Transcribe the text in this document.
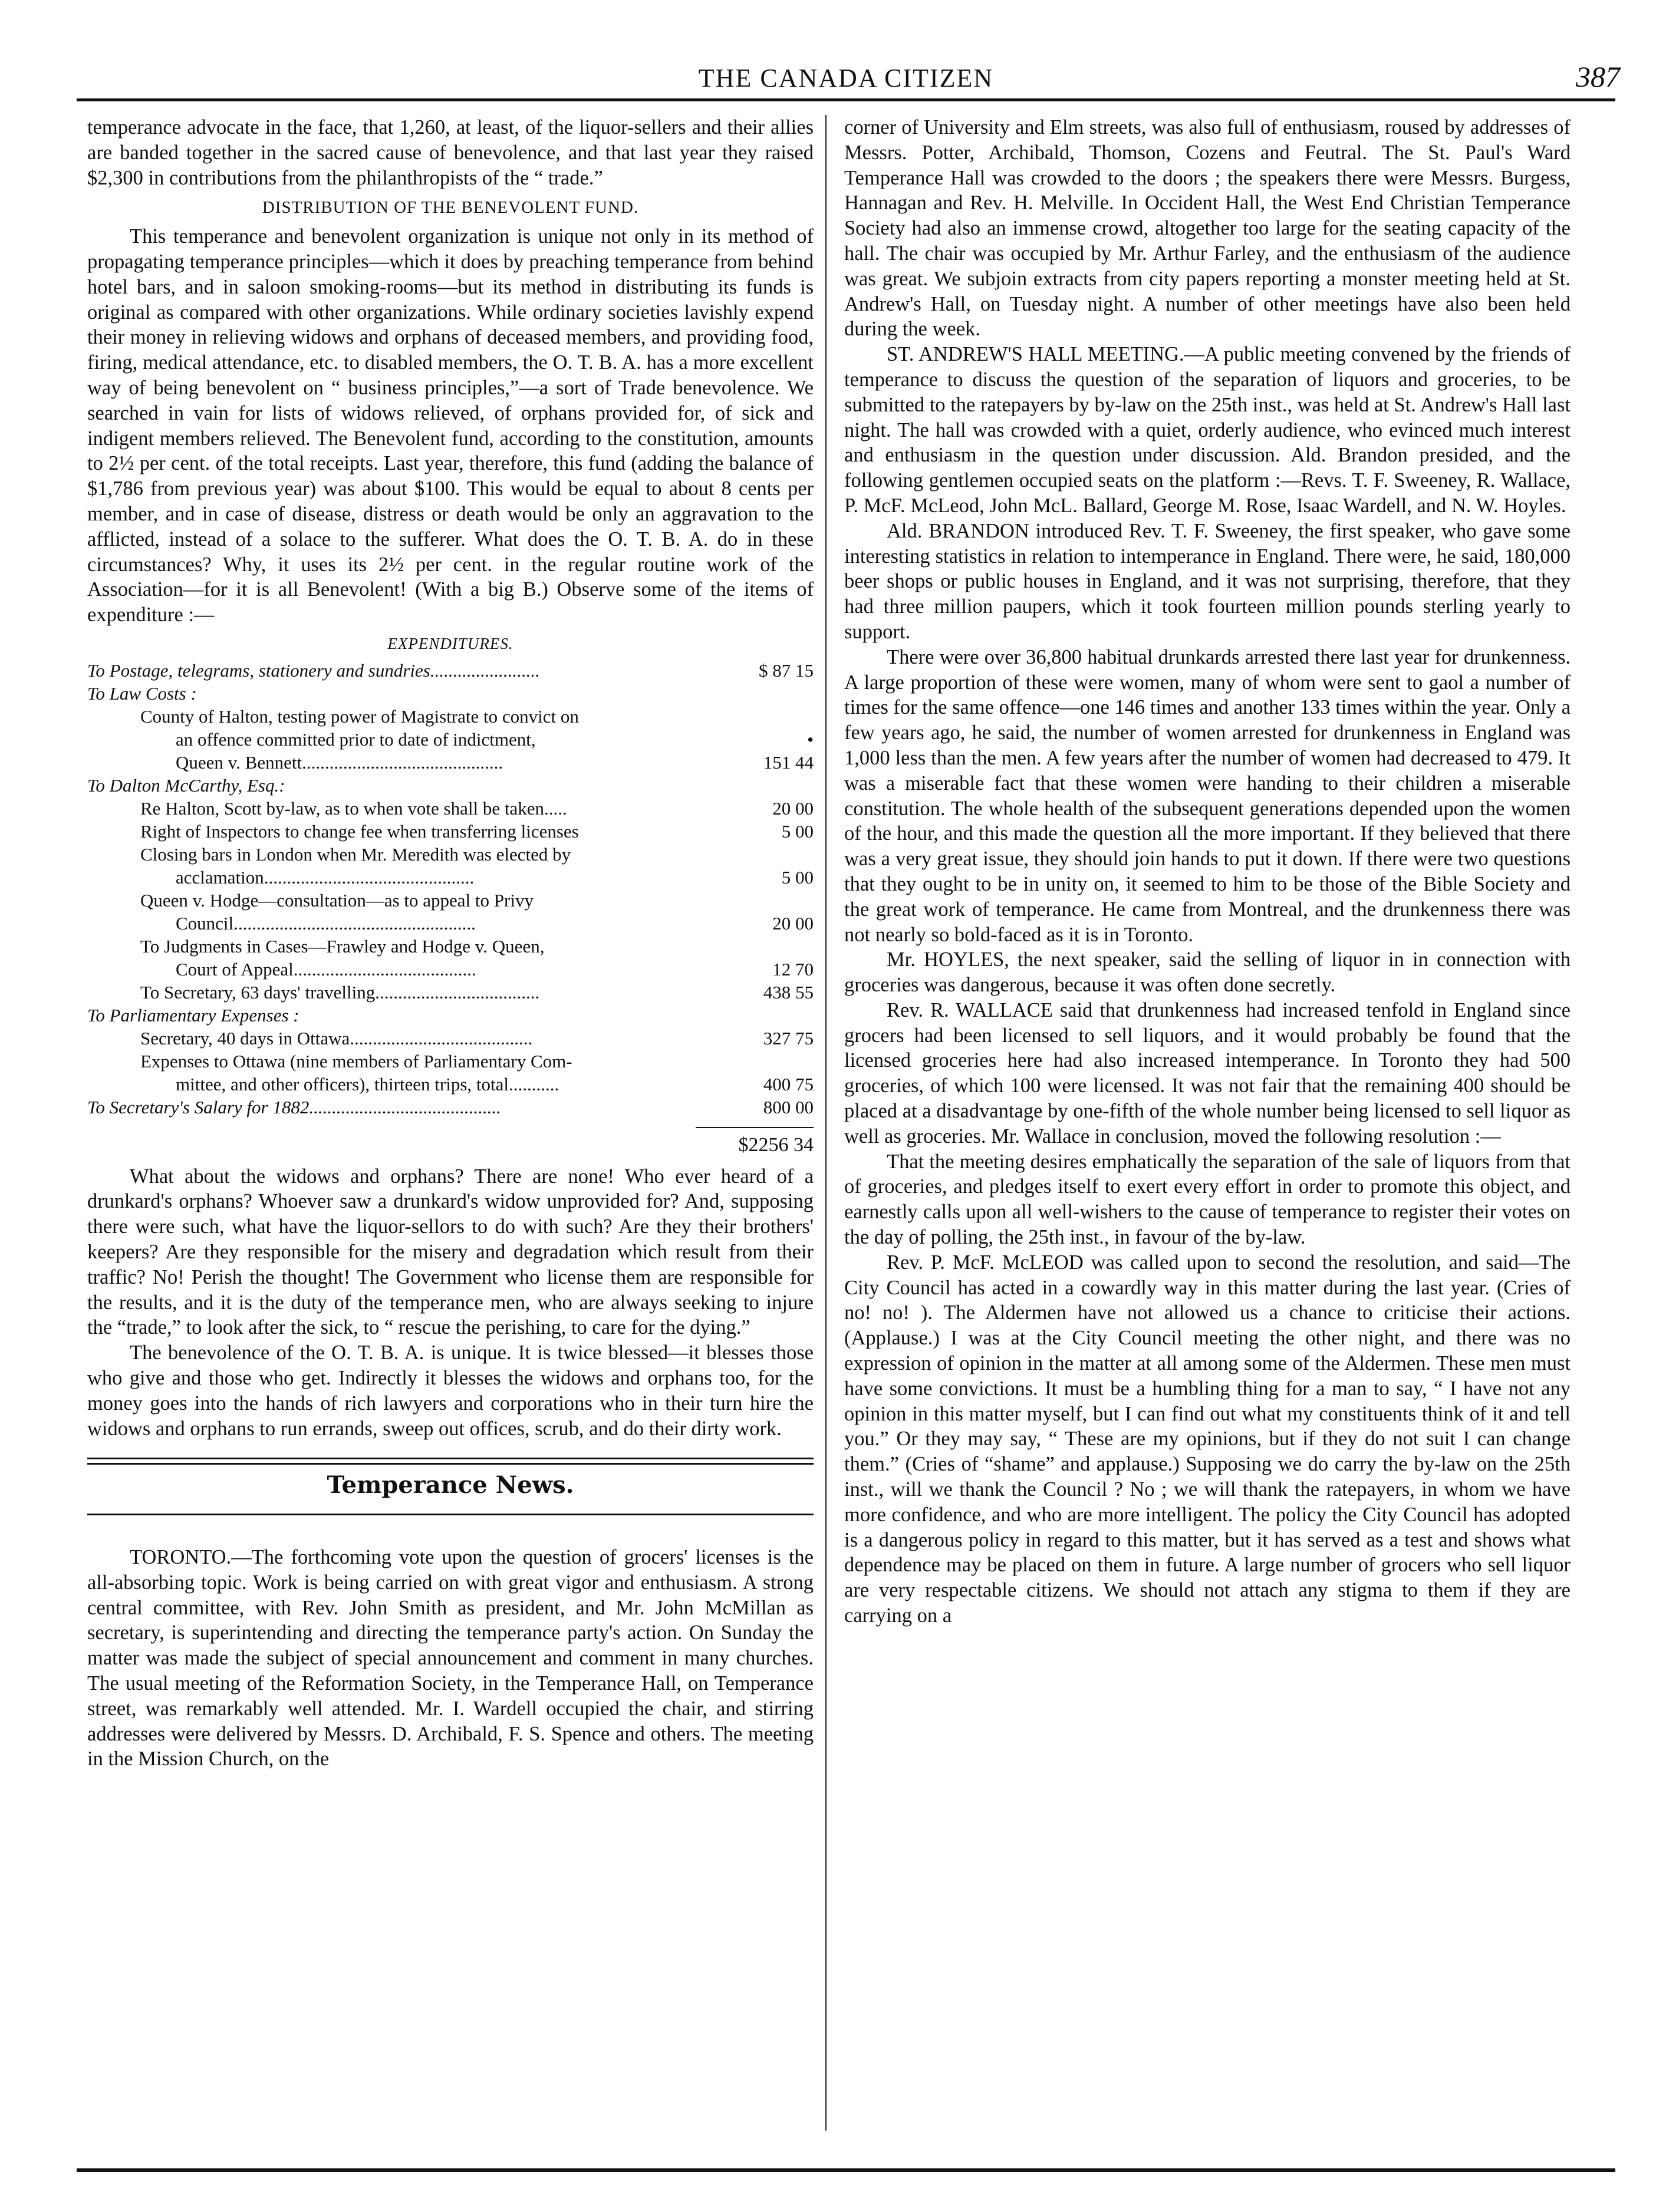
THE CANADA CITIZEN	387

temperance advocate in the face, that 1,260, at least, of the liquor-sellers and their allies are banded together in the sacred cause of benevolence, and that last year they raised $2,300 in contributions from the philanthropists of the “ trade.”

DISTRIBUTION OF THE BENEVOLENT FUND.

This temperance and benevolent organization is unique not only in its method of propagating temperance principles—which it does by preaching temperance from behind hotel bars, and in saloon smoking-rooms—but its method in distributing its funds is original as compared with other organizations. While ordinary societies lavishly expend their money in relieving widows and orphans of deceased members, and providing food, firing, medical attendance, etc. to disabled members, the O. T. B. A. has a more excellent way of being benevolent on “ business principles,”—a sort of Trade benevolence. We searched in vain for lists of widows relieved, of orphans provided for, of sick and indigent members relieved. The Benevolent fund, according to the constitution, amounts to 2½ per cent. of the total receipts. Last year, therefore, this fund (adding the balance of $1,786 from previous year) was about $100. This would be equal to about 8 cents per member, and in case of disease, distress or death would be only an aggravation to the afflicted, instead of a solace to the sufferer. What does the O. T. B. A. do in these circumstances? Why, it uses its 2½ per cent. in the regular routine work of the Association—for it is all Benevolent! (With a big B.) Observe some of the items of expenditure :—

EXPENDITURES.
To Postage, telegrams, stationery and sundries........................	$ 87 15
To Law Costs :
County of Halton, testing power of Magistrate to convict on
an offence committed prior to date of indictment,	•
Queen v. Bennett............................................	151 44
To Dalton McCarthy, Esq.:
Re Halton, Scott by-law, as to when vote shall be taken.....	20 00
Right of Inspectors to change fee when transferring licenses	5 00
Closing bars in London when Mr. Meredith was elected by
acclamation..............................................	5 00
Queen v. Hodge—consultation—as to appeal to Privy
Council.....................................................	20 00
To Judgments in Cases—Frawley and Hodge v. Queen,
Court of Appeal........................................	12 70
To Secretary, 63 days' travelling....................................	438 55
To Parliamentary Expenses :
Secretary, 40 days in Ottawa........................................	327 75
Expenses to Ottawa (nine members of Parliamentary Com-
mittee, and other officers), thirteen trips, total...........	400 75
To Secretary's Salary for 1882..........................................	800 00
$2256 34

What about the widows and orphans? There are none! Who ever heard of a drunkard's orphans? Whoever saw a drunkard's widow unprovided for? And, supposing there were such, what have the liquor-sellors to do with such? Are they their brothers' keepers? Are they responsible for the misery and degradation which result from their traffic? No! Perish the thought! The Government who license them are responsible for the results, and it is the duty of the temperance men, who are always seeking to injure the “trade,” to look after the sick, to “ rescue the perishing, to care for the dying.”

The benevolence of the O. T. B. A. is unique. It is twice blessed—it blesses those who give and those who get. Indirectly it blesses the widows and orphans too, for the money goes into the hands of rich lawyers and corporations who in their turn hire the widows and orphans to run errands, sweep out offices, scrub, and do their dirty work.

Temperance News.

TORONTO.—The forthcoming vote upon the question of grocers' licenses is the all-absorbing topic. Work is being carried on with great vigor and enthusiasm. A strong central committee, with Rev. John Smith as president, and Mr. John McMillan as secretary, is superintending and directing the temperance party's action. On Sunday the matter was made the subject of special announcement and comment in many churches. The usual meeting of the Reformation Society, in the Temperance Hall, on Temperance street, was remarkably well attended. Mr. I. Wardell occupied the chair, and stirring addresses were delivered by Messrs. D. Archibald, F. S. Spence and others. The meeting in the Mission Church, on the

corner of University and Elm streets, was also full of enthusiasm, roused by addresses of Messrs. Potter, Archibald, Thomson, Cozens and Feutral. The St. Paul's Ward Temperance Hall was crowded to the doors ; the speakers there were Messrs. Burgess, Hannagan and Rev. H. Melville. In Occident Hall, the West End Christian Temperance Society had also an immense crowd, altogether too large for the seating capacity of the hall. The chair was occupied by Mr. Arthur Farley, and the enthusiasm of the audience was great. We subjoin extracts from city papers reporting a monster meeting held at St. Andrew's Hall, on Tuesday night. A number of other meetings have also been held during the week.

ST. ANDREW'S HALL MEETING.—A public meeting convened by the friends of temperance to discuss the question of the separation of liquors and groceries, to be submitted to the ratepayers by by-law on the 25th inst., was held at St. Andrew's Hall last night. The hall was crowded with a quiet, orderly audience, who evinced much interest and enthusiasm in the question under discussion. Ald. Brandon presided, and the following gentlemen occupied seats on the platform :—Revs. T. F. Sweeney, R. Wallace, P. McF. McLeod, John McL. Ballard, George M. Rose, Isaac Wardell, and N. W. Hoyles.

Ald. BRANDON introduced Rev. T. F. Sweeney, the first speaker, who gave some interesting statistics in relation to intemperance in England. There were, he said, 180,000 beer shops or public houses in England, and it was not surprising, therefore, that they had three million paupers, which it took fourteen million pounds sterling yearly to support.

There were over 36,800 habitual drunkards arrested there last year for drunkenness. A large proportion of these were women, many of whom were sent to gaol a number of times for the same offence—one 146 times and another 133 times within the year. Only a few years ago, he said, the number of women arrested for drunkenness in England was 1,000 less than the men. A few years after the number of women had decreased to 479. It was a miserable fact that these women were handing to their children a miserable constitution. The whole health of the subsequent generations depended upon the women of the hour, and this made the question all the more important. If they believed that there was a very great issue, they should join hands to put it down. If there were two questions that they ought to be in unity on, it seemed to him to be those of the Bible Society and the great work of temperance. He came from Montreal, and the drunkenness there was not nearly so bold-faced as it is in Toronto.

Mr. HOYLES, the next speaker, said the selling of liquor in in connection with groceries was dangerous, because it was often done secretly.

Rev. R. WALLACE said that drunkenness had increased tenfold in England since grocers had been licensed to sell liquors, and it would probably be found that the licensed groceries here had also increased intemperance. In Toronto they had 500 groceries, of which 100 were licensed. It was not fair that the remaining 400 should be placed at a disadvantage by one-fifth of the whole number being licensed to sell liquor as well as groceries. Mr. Wallace in conclusion, moved the following resolution :—

That the meeting desires emphatically the separation of the sale of liquors from that of groceries, and pledges itself to exert every effort in order to promote this object, and earnestly calls upon all well-wishers to the cause of temperance to register their votes on the day of polling, the 25th inst., in favour of the by-law.

Rev. P. McF. McLEOD was called upon to second the resolution, and said—The City Council has acted in a cowardly way in this matter during the last year. (Cries of no! no! ). The Aldermen have not allowed us a chance to criticise their actions. (Applause.) I was at the City Council meeting the other night, and there was no expression of opinion in the matter at all among some of the Aldermen. These men must have some convictions. It must be a humbling thing for a man to say, “ I have not any opinion in this matter myself, but I can find out what my constituents think of it and tell you.” Or they may say, “ These are my opinions, but if they do not suit I can change them.” (Cries of “shame” and applause.) Supposing we do carry the by-law on the 25th inst., will we thank the Council ? No ; we will thank the ratepayers, in whom we have more confidence, and who are more intelligent. The policy the City Council has adopted is a dangerous policy in regard to this matter, but it has served as a test and shows what dependence may be placed on them in future. A large number of grocers who sell liquor are very respectable citizens. We should not attach any stigma to them if they are carrying on a
